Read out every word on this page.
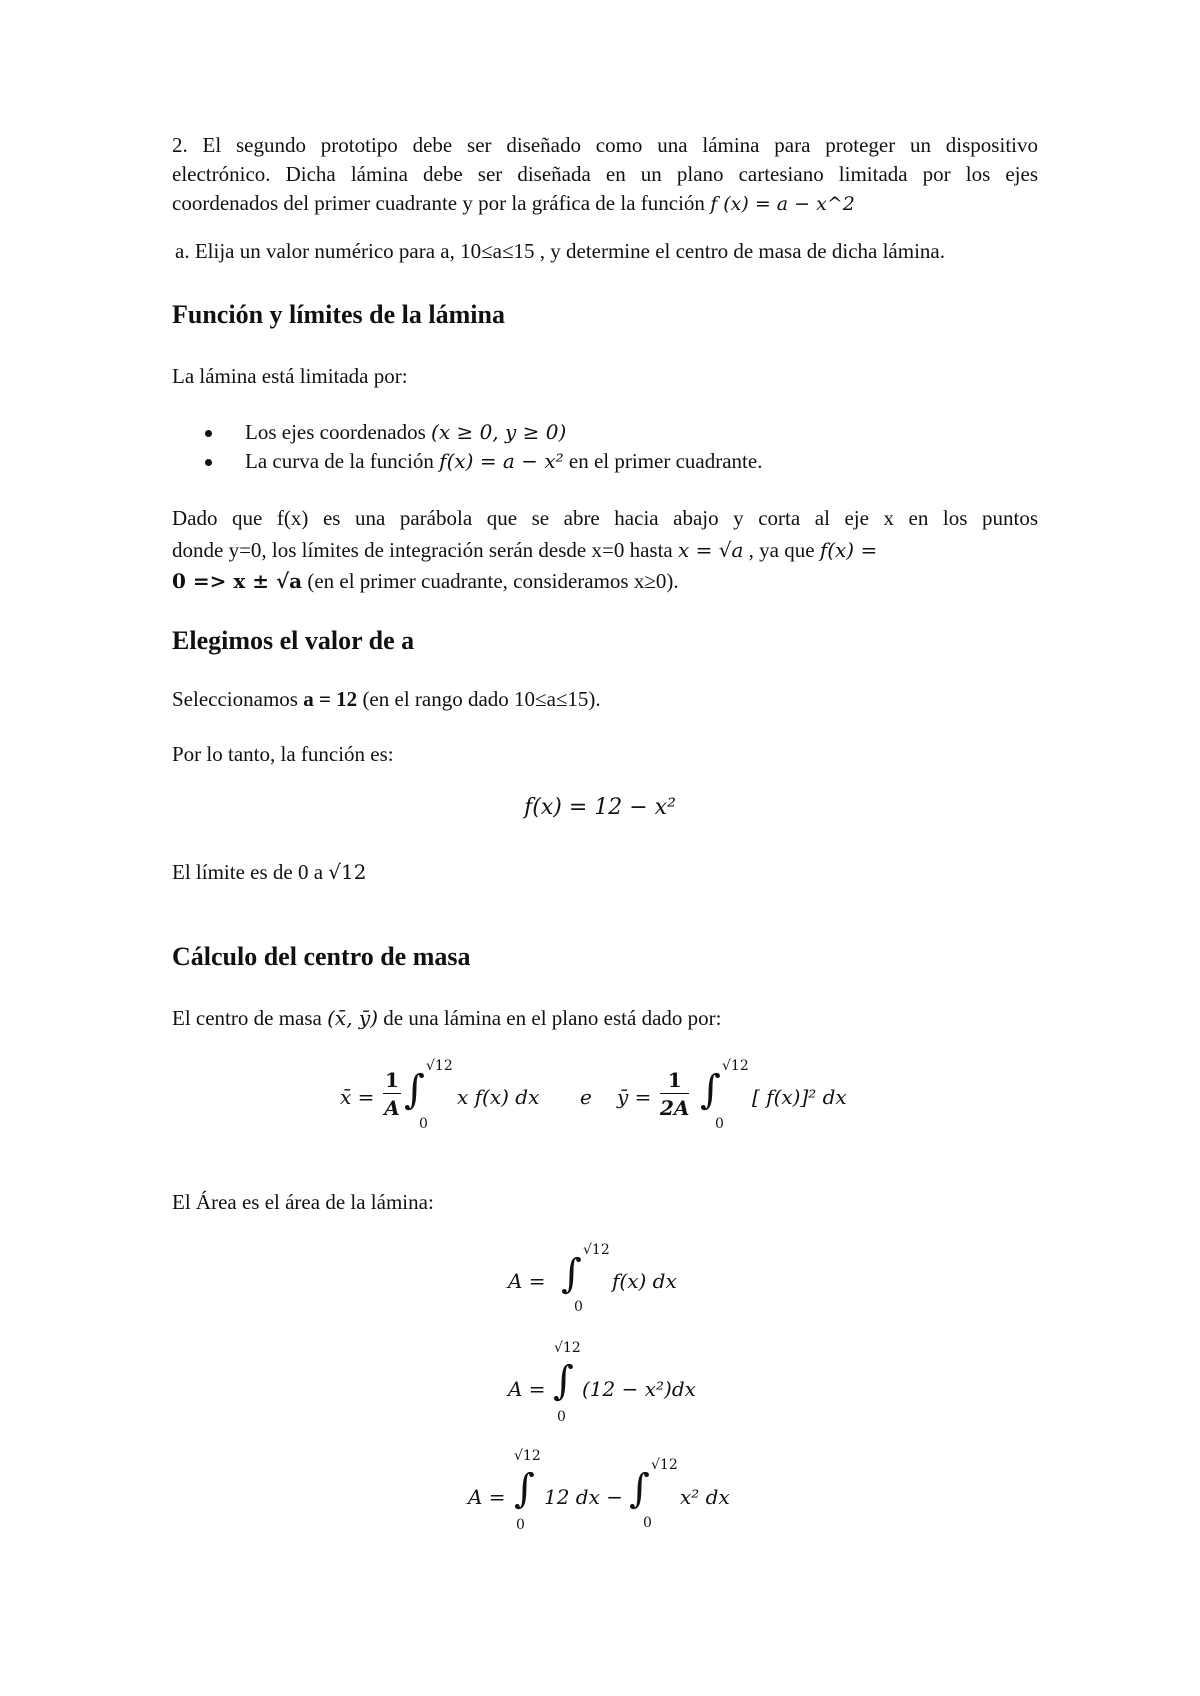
2. El segundo prototipo debe ser diseñado como una lámina para proteger un dispositivo
electrónico. Dicha lámina debe ser diseñada en un plano cartesiano limitada por los ejes
coordenados del primer cuadrante y por la gráfica de la función f (x) = a − x^2
a. Elija un valor numérico para a, 10≤a≤15 , y determine el centro de masa de dicha lámina.
Función y límites de la lámina
La lámina está limitada por:
Los ejes coordenados (x ≥ 0, y ≥ 0)
La curva de la función f(x) = a − x² en el primer cuadrante.
Dado que f(x) es una parábola que se abre hacia abajo y corta al eje x en los puntos
donde y=0, los límites de integración serán desde x=0 hasta x = √a , ya que f(x) =
0 => x ± √a (en el primer cuadrante, consideramos x≥0).
Elegimos el valor de a
Seleccionamos a = 12 (en el rango dado 10≤a≤15).
Por lo tanto, la función es:
f(x) = 12 − x²
El límite es de 0 a √12
Cálculo del centro de masa
El centro de masa (x̄, ȳ) de una lámina en el plano está dado por:
x̄ = $\frac{1}{A}$ ∫
√12
0
x f(x) dx e ȳ = $\frac{1}{2A}$ ∫
√12
0
[ f(x)]² dx
El Área es el área de la lámina:
A = ∫
√12
0
f(x) dx
√12
A = ∫
0
(12 − x²)dx
√12
A = ∫
0
12 dx − ∫
√12
0
x² dx
